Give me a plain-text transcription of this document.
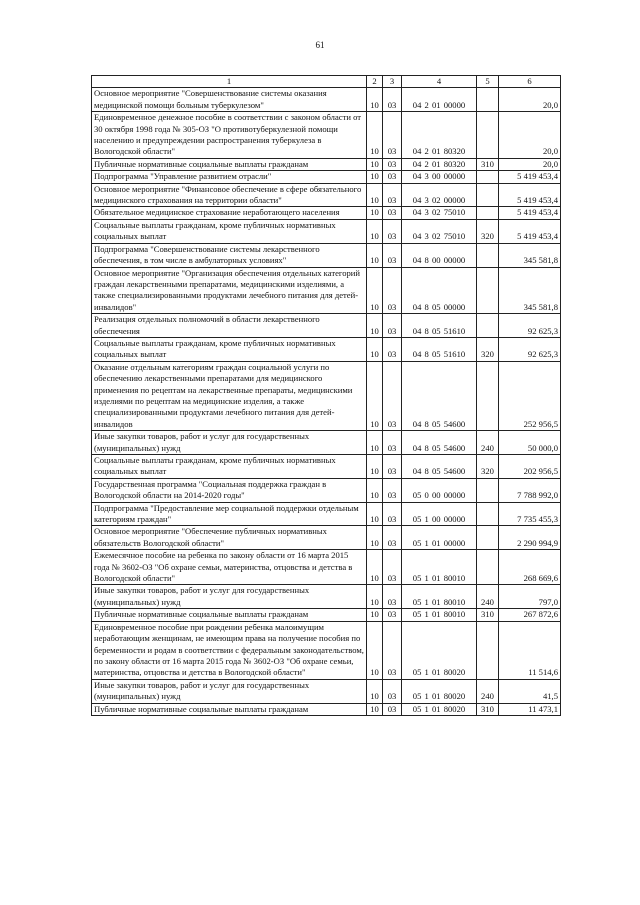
61
1	2	3	4	5	6
Основное мероприятие "Совершенствование системы оказания медицинской помощи больным туберкулезом"	10	03	04 2 01 00000		20,0
Единовременное денежное пособие в соответствии с законом области от 30 октября 1998 года № 305-ОЗ "О противотуберкулезной помощи населению и предупреждении распространения туберкулеза в Вологодской области"	10	03	04 2 01 80320		20,0
Публичные нормативные социальные выплаты гражданам	10	03	04 2 01 80320	310	20,0
Подпрограмма "Управление развитием отрасли"	10	03	04 3 00 00000		5 419 453,4
Основное мероприятие "Финансовое обеспечение в сфере обязательного медицинского страхования на территории области"	10	03	04 3 02 00000		5 419 453,4
Обязательное медицинское страхование неработающего населения	10	03	04 3 02 75010		5 419 453,4
Социальные выплаты гражданам, кроме публичных нормативных социальных выплат	10	03	04 3 02 75010	320	5 419 453,4
Подпрограмма "Совершенствование системы лекарственного обеспечения, в том числе в амбулаторных условиях"	10	03	04 8 00 00000		345 581,8
Основное мероприятие "Организация обеспечения отдельных категорий граждан лекарственными препаратами, медицинскими изделиями, а также специализированными продуктами лечебного питания для детей-инвалидов"	10	03	04 8 05 00000		345 581,8
Реализация отдельных полномочий в области лекарственного обеспечения	10	03	04 8 05 51610		92 625,3
Социальные выплаты гражданам, кроме публичных нормативных социальных выплат	10	03	04 8 05 51610	320	92 625,3
Оказание отдельным категориям граждан социальной услуги по обеспечению лекарственными препаратами для медицинского применения по рецептам на лекарственные препараты, медицинскими изделиями по рецептам на медицинские изделия, а также специализированными продуктами лечебного питания для детей-инвалидов	10	03	04 8 05 54600		252 956,5
Иные закупки товаров, работ и услуг для государственных (муниципальных) нужд	10	03	04 8 05 54600	240	50 000,0
Социальные выплаты гражданам, кроме публичных нормативных социальных выплат	10	03	04 8 05 54600	320	202 956,5
Государственная программа "Социальная поддержка граждан в Вологодской области на 2014-2020 годы"	10	03	05 0 00 00000		7 788 992,0
Подпрограмма "Предоставление мер социальной поддержки отдельным категориям граждан"	10	03	05 1 00 00000		7 735 455,3
Основное мероприятие "Обеспечение публичных нормативных обязательств Вологодской области"	10	03	05 1 01 00000		2 290 994,9
Ежемесячное пособие на ребенка по закону области от 16 марта 2015 года № 3602-ОЗ "Об охране семьи, материнства, отцовства и детства в Вологодской области"	10	03	05 1 01 80010		268 669,6
Иные закупки товаров, работ и услуг для государственных (муниципальных) нужд	10	03	05 1 01 80010	240	797,0
Публичные нормативные социальные выплаты гражданам	10	03	05 1 01 80010	310	267 872,6
Единовременное пособие при рождении ребенка малоимущим неработающим женщинам, не имеющим права на получение пособия по беременности и родам в соответствии с федеральным законодательством, по закону области от 16 марта 2015 года № 3602-ОЗ "Об охране семьи, материнства, отцовства и детства в Вологодской области"	10	03	05 1 01 80020		11 514,6
Иные закупки товаров, работ и услуг для государственных (муниципальных) нужд	10	03	05 1 01 80020	240	41,5
Публичные нормативные социальные выплаты гражданам	10	03	05 1 01 80020	310	11 473,1
